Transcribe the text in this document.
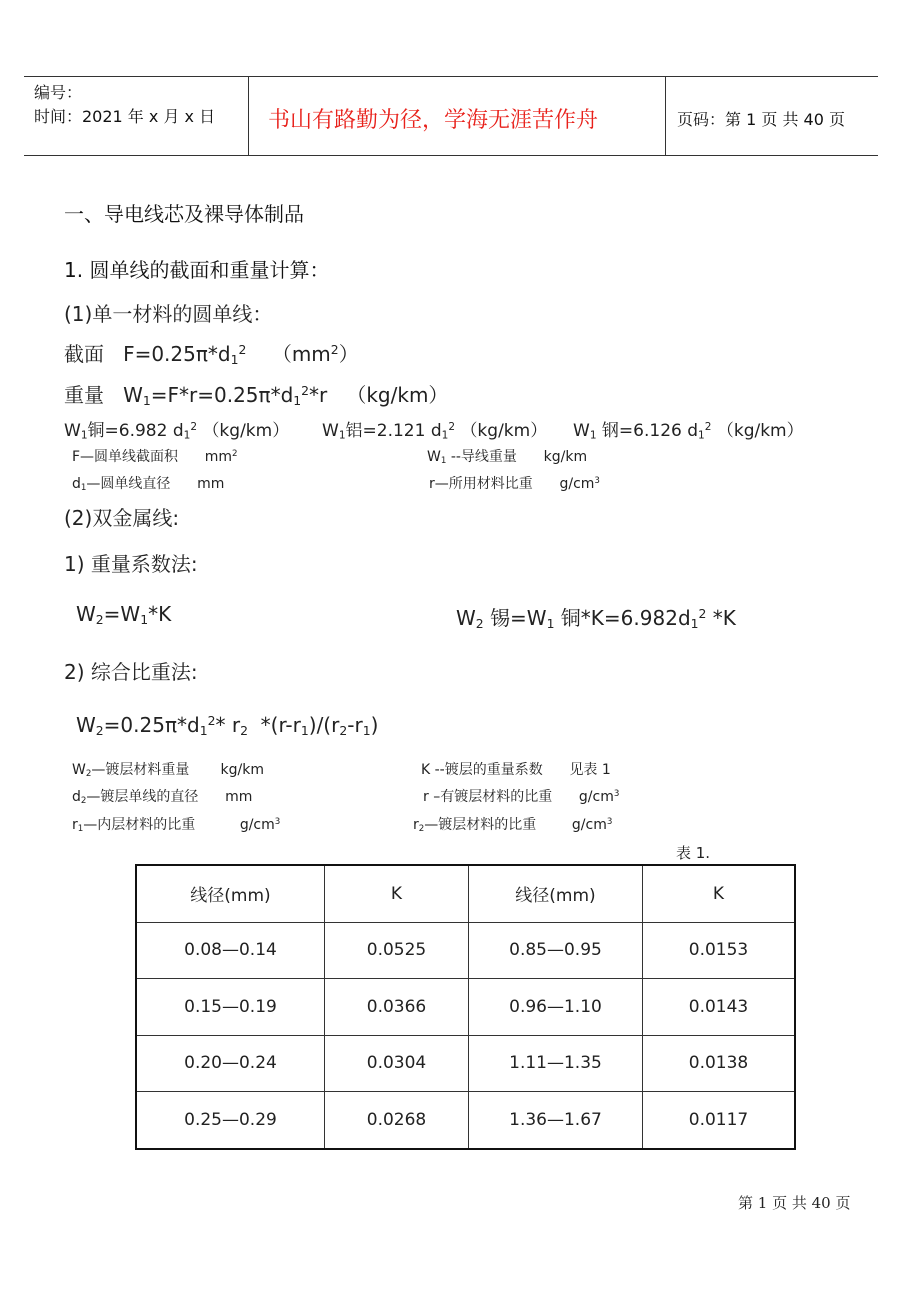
编号：
时间：2021 年 x 月 x 日 书山有路勤为径，学海无涯苦作舟	页码：第 1 页 共 40 页
一、导电线芯及裸导体制品
1. 圆单线的截面和重量计算：
(1)单一材料的圆单线：
截面   $F=0.25\pi*d_1^2$ $(mm^2)$
重量   $W_1=F*r=0.25\pi*d_1^2*r$   （kg/km）
$W_1$铜=6.982 $d_1^2$ （kg/km） $W_1$铝=2.121 $d_1^2$ （kg/km） $W_1$ 钢=6.126 $d_1^2$ （kg/km）
F—圆单线截面积 $mm^2$
$d_1—$圆单线直径 mm
$W_1$ --导线重量 kg/km
r—所用材料比重 $g/cm^3$
(2)双金属线:
1) 重量系数法:
$W_2=W_1*K$	$W_2$ 锡$=W_1$ 铜$*K=6.982d_1^2$ *K
2) 综合比重法:
$W_2=0.25\pi*d_1^2*$ $r_2$  $*(r-r_1)/(r_2-r_1)$
$W_2—$镀层材料重量 kg/km
$d_2—$镀层单线的直径 mm
$r_1—$内层材料的比重	$g/cm^3$
K --镀层的重量系数 见表 1
r –有镀层材料的比重 $g/cm^3$
$r_2—$镀层材料的比重	$g/cm^3$
表 1.
线径(mm)	K	线径(mm)	K
0.08—0.14	0.0525	0.85—0.95	0.0153
0.15—0.19	0.0366	0.96—1.10	0.0143
0.20—0.24	0.0304	1.11—1.35	0.0138
0.25—0.29	0.0268	1.36—1.67	0.0117
第 1 页 共 40 页
